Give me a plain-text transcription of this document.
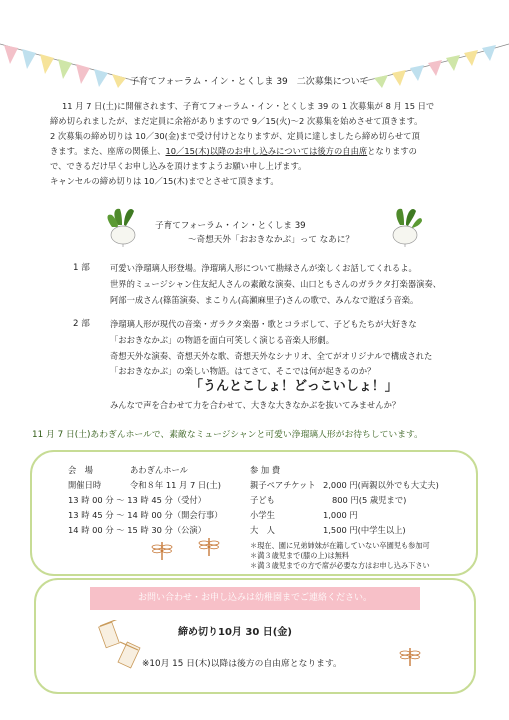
子育てフォーラム・イン・とくしま 39　二次募集について
11 月 7 日(土)に開催されます、子育てフォーラム・イン・とくしま 39 の 1 次募集が 8 月 15 日で
締め切られましたが、まだ定員に余裕がありますので 9／15(火)～2 次募集を始めさせて頂きます。
2 次募集の締め切りは 10／30(金)まで受け付けとなりますが、定員に達しましたら締め切らせて頂
きます。また、座席の関係上、10／15(木)以降のお申し込みについては後方の自由席となりますの
で、できるだけ早くお申し込みを頂けますようお願い申し上げます。
キャンセルの締め切りは 10／15(木)までとさせて頂きます。
子育てフォーラム・イン・とくしま 39
～奇想天外「おおきなかぶ」って なあに？
1 部 可愛い浄瑠璃人形登場。浄瑠璃人形について勘緑さんが楽しくお話してくれるよ。
世界的ミュージシャン住友紀人さんの素敵な演奏、山口ともさんのガラクタ打楽器演奏、
阿部一成さん(篠笛演奏、まこりん(高瀬麻里子)さんの歌で、みんなで遊ぼう音楽。
2 部 浄瑠璃人形が現代の音楽・ガラクタ楽器・歌とコラボして、子どもたちが大好きな
「おおきなかぶ」の物語を面白可笑しく演じる音楽人形劇。
奇想天外な演奏、奇想天外な歌、奇想天外なシナリオ、全てがオリジナルで構成された
「おおきなかぶ」の楽しい物語。はてさて、そこでは何が起きるのか？
「うんとこしょ！どっこいしょ！」
みんなで声を合わせて力を合わせて、大きな大きなかぶを抜いてみませんか？
11 月 7 日(土)あわぎんホールで、素敵なミュージシャンと可愛い浄瑠璃人形がお待ちしています。
会　場	あわぎんホール
開催日時	令和８年 11 月 7 日(土)
13 時 00 分 ～ 13 時 45 分（受付）
13 時 45 分 ～ 14 時 00 分（開会行事）
14 時 00 分 ～ 15 時 30 分（公演）
参 加 費
親子ペアチケット 2,000 円(両親以外でも大丈夫)
子ども	800 円(5 歳児まで)
小学生	1,000 円
大　人	1,500 円(中学生以上)
＊現在、園に兄弟姉妹が在籍していない卒園児も参加可
＊満３歳児まで(膝の上)は無料
＊満３歳児までの方で席が必要な方はお申し込み下さい
お問い合わせ・お申し込みは幼稚園までご連絡ください。
締め切り10月 30 日(金)
※10月 15 日(木)以降は後方の自由席となります。
